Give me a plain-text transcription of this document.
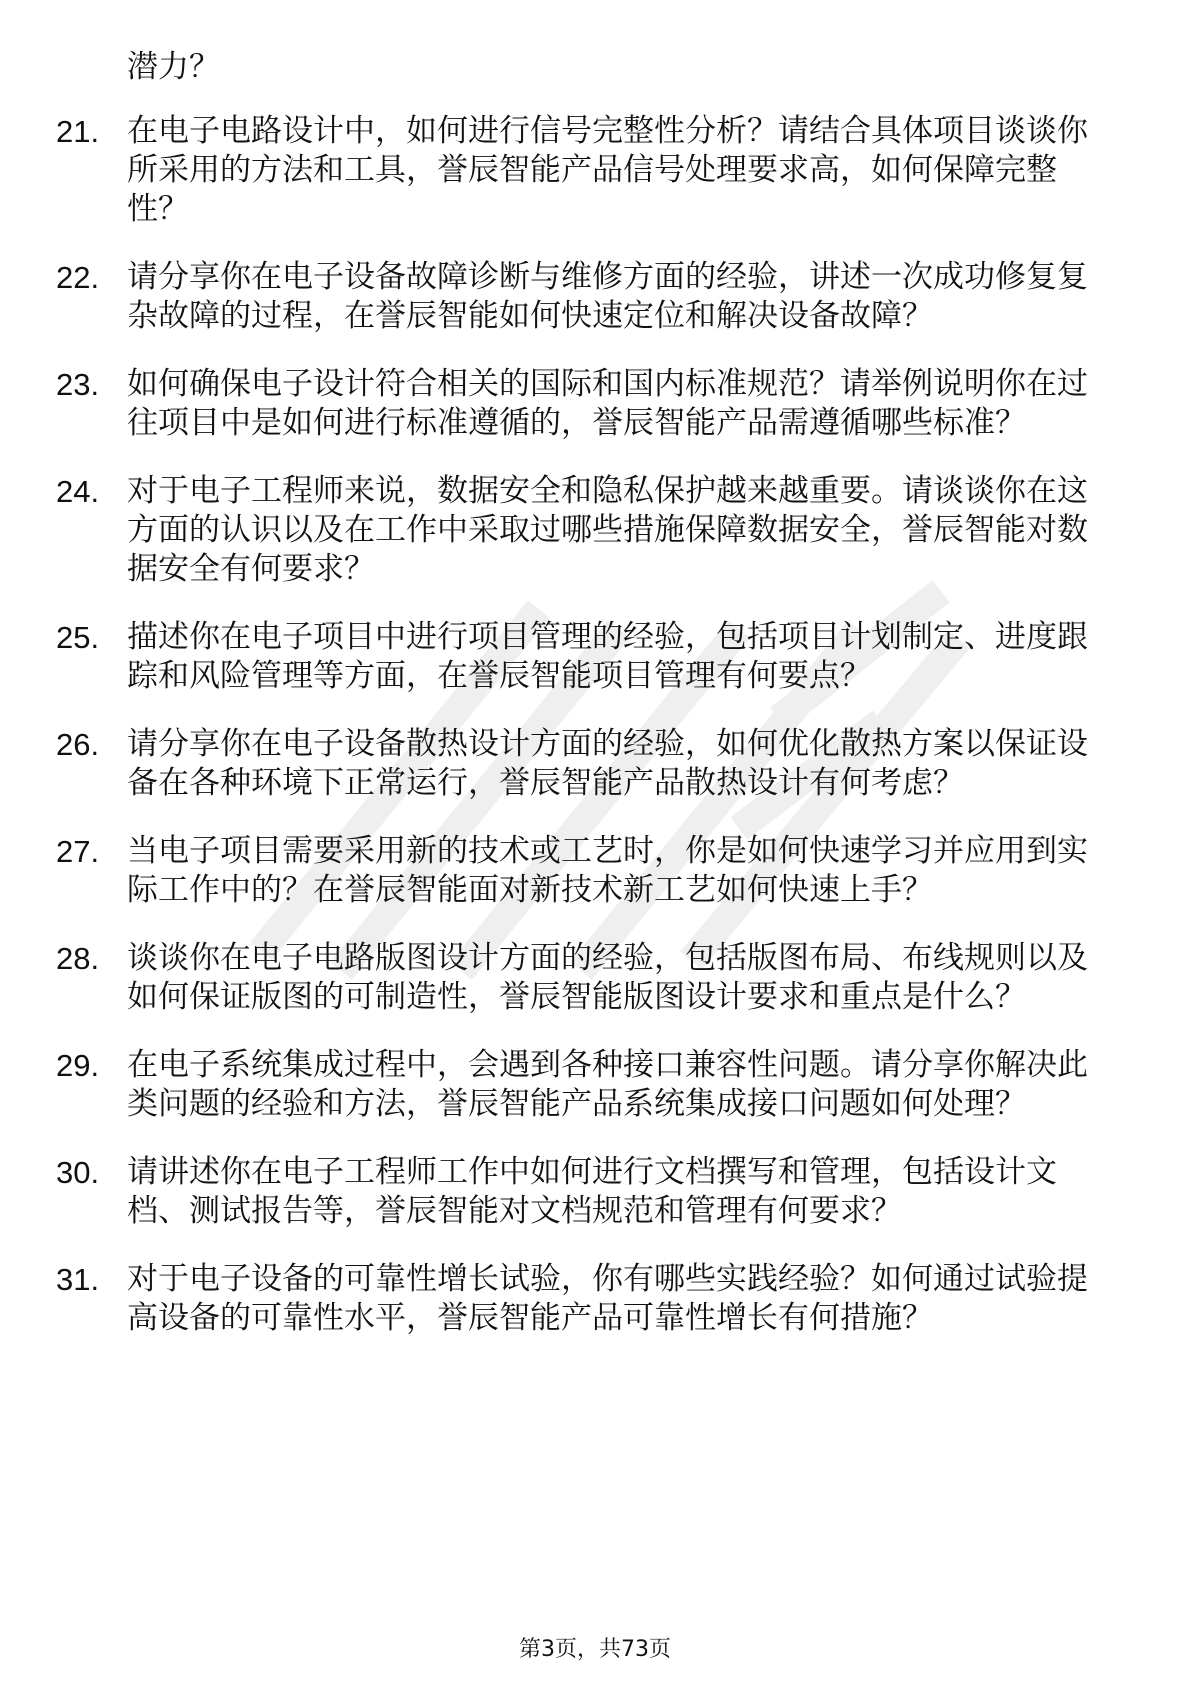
潜力？
21. 在电子电路设计中，如何进行信号完整性分析？请结合具体项目谈谈你所采用的方法和工具，誉辰智能产品信号处理要求高，如何保障完整性？
22. 请分享你在电子设备故障诊断与维修方面的经验，讲述一次成功修复复杂故障的过程，在誉辰智能如何快速定位和解决设备故障？
23. 如何确保电子设计符合相关的国际和国内标准规范？请举例说明你在过往项目中是如何进行标准遵循的，誉辰智能产品需遵循哪些标准？
24. 对于电子工程师来说，数据安全和隐私保护越来越重要。请谈谈你在这方面的认识以及在工作中采取过哪些措施保障数据安全，誉辰智能对数据安全有何要求？
25. 描述你在电子项目中进行项目管理的经验，包括项目计划制定、进度跟踪和风险管理等方面，在誉辰智能项目管理有何要点？
26. 请分享你在电子设备散热设计方面的经验，如何优化散热方案以保证设备在各种环境下正常运行，誉辰智能产品散热设计有何考虑？
27. 当电子项目需要采用新的技术或工艺时，你是如何快速学习并应用到实际工作中的？在誉辰智能面对新技术新工艺如何快速上手？
28. 谈谈你在电子电路版图设计方面的经验，包括版图布局、布线规则以及如何保证版图的可制造性，誉辰智能版图设计要求和重点是什么？
29. 在电子系统集成过程中，会遇到各种接口兼容性问题。请分享你解决此类问题的经验和方法，誉辰智能产品系统集成接口问题如何处理？
30. 请讲述你在电子工程师工作中如何进行文档撰写和管理，包括设计文档、测试报告等，誉辰智能对文档规范和管理有何要求？
31. 对于电子设备的可靠性增长试验，你有哪些实践经验？如何通过试验提高设备的可靠性水平，誉辰智能产品可靠性增长有何措施？
第3页，共73页
